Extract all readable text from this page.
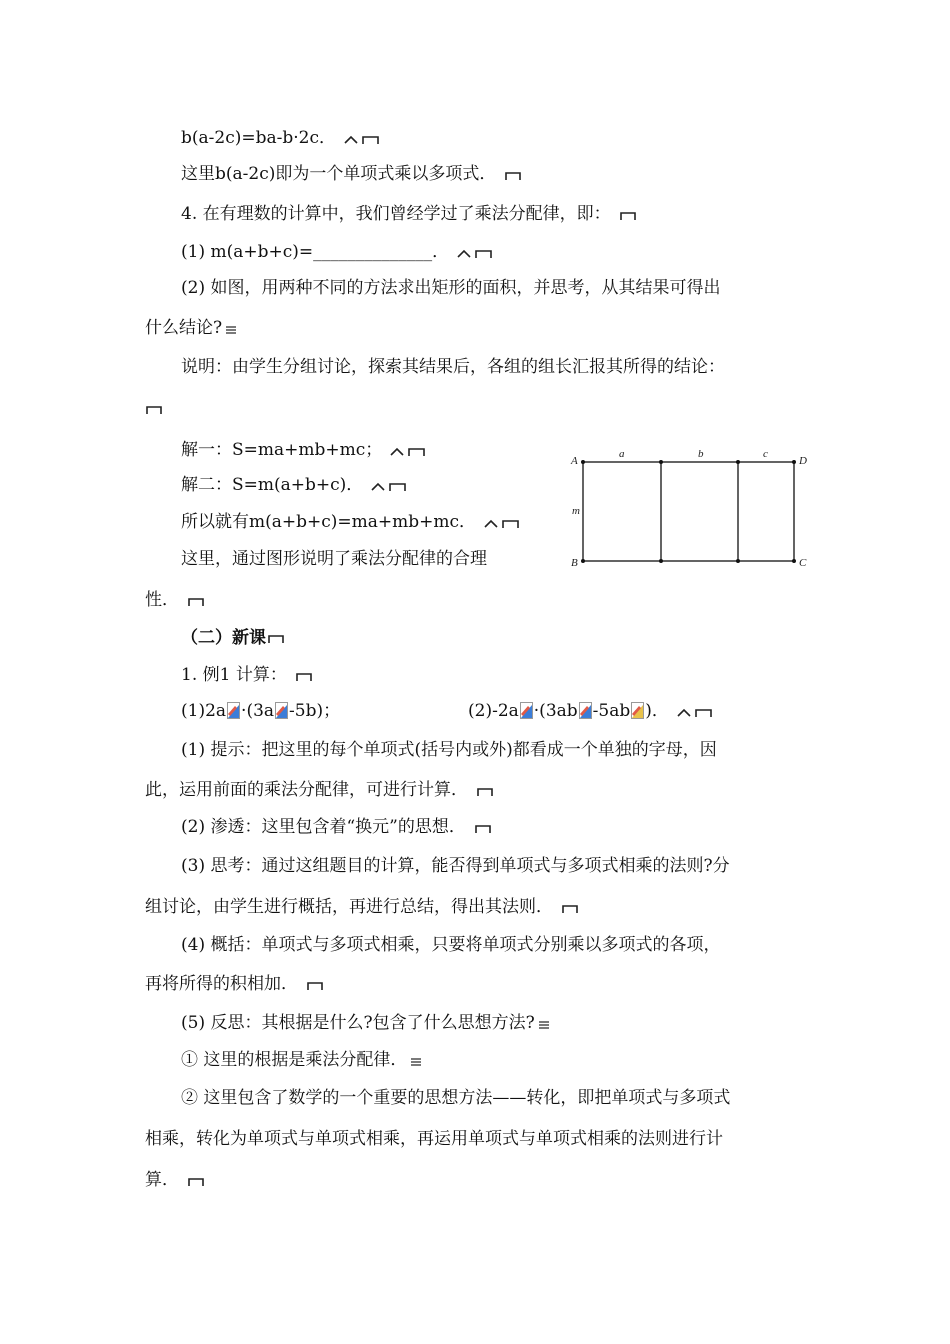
b(a-2c)=ba-b·2c．
这里b(a-2c)即为一个单项式乘以多项式．
4. 在有理数的计算中，我们曾经学过了乘法分配律，即：
(1) m(a+b+c)=______________．
(2) 如图，用两种不同的方法求出矩形的面积，并思考，从其结果可得出
什么结论?
说明：由学生分组讨论，探索其结果后，各组的组长汇报其所得的结论：
解一：S=ma+mb+mc；
解二：S=m(a+b+c)．
所以就有m(a+b+c)=ma+mb+mc．
这里，通过图形说明了乘法分配律的合理
性．
A
B	C
D
a	b	c
m
（二）新课
1. 例1 计算：
(1)2a ·(3a -5b)；	(2)-2a ·(3ab -5ab )．
(1) 提示：把这里的每个单项式(括号内或外)都看成一个单独的字母，因
此，运用前面的乘法分配律，可进行计算．
(2) 渗透：这里包含着“换元”的思想．
(3) 思考：通过这组题目的计算，能否得到单项式与多项式相乘的法则?分
组讨论，由学生进行概括，再进行总结，得出其法则．
(4) 概括：单项式与多项式相乘，只要将单项式分别乘以多项式的各项，
再将所得的积相加．
(5) 反思：其根据是什么?包含了什么思想方法?
① 这里的根据是乘法分配律．
② 这里包含了数学的一个重要的思想方法——转化，即把单项式与多项式
相乘，转化为单项式与单项式相乘，再运用单项式与单项式相乘的法则进行计
算．
